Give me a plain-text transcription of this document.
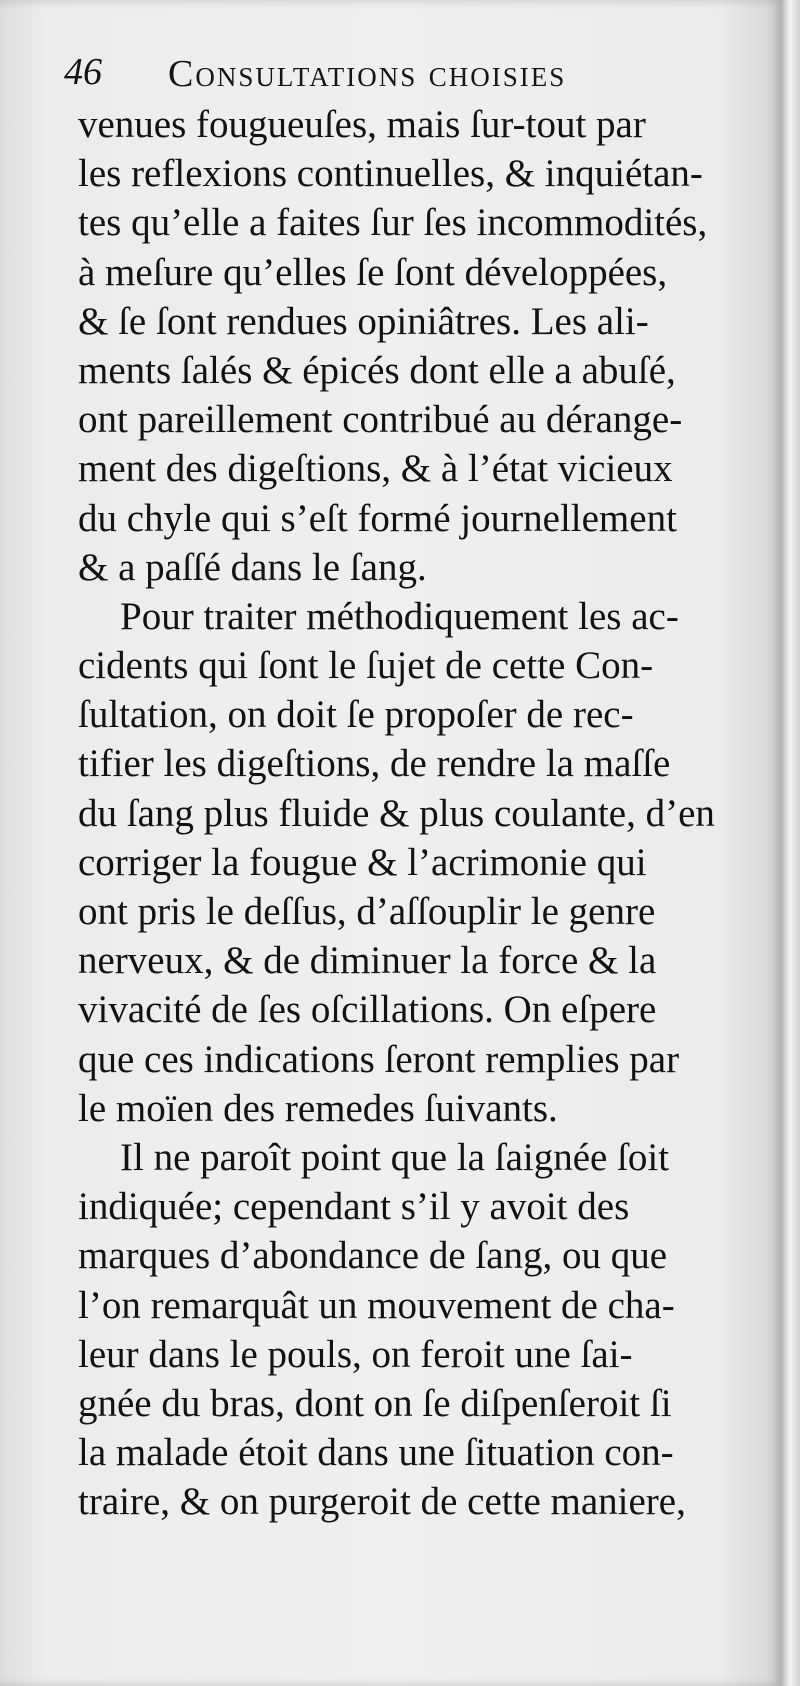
46 Consultations choisies
venues fougueuſes, mais ſur-tout par
les reflexions continuelles, & inquiétan-
tes qu’elle a faites ſur ſes incommodités,
à meſure qu’elles ſe ſont développées,
& ſe ſont rendues opiniâtres. Les ali-
ments ſalés & épicés dont elle a abuſé,
ont pareillement contribué au dérange-
ment des digeſtions, & à l’état vicieux
du chyle qui s’eſt formé journellement
& a paſſé dans le ſang.
Pour traiter méthodiquement les ac-
cidents qui ſont le ſujet de cette Con-
ſultation, on doit ſe propoſer de rec-
tifier les digeſtions, de rendre la maſſe
du ſang plus fluide & plus coulante, d’en
corriger la fougue & l’acrimonie qui
ont pris le deſſus, d’aſſouplir le genre
nerveux, & de diminuer la force & la
vivacité de ſes oſcillations. On eſpere
que ces indications ſeront remplies par
le moïen des remedes ſuivants.
Il ne paroît point que la ſaignée ſoit
indiquée; cependant s’il y avoit des
marques d’abondance de ſang, ou que
l’on remarquât un mouvement de cha-
leur dans le pouls, on feroit une ſai-
gnée du bras, dont on ſe diſpenſeroit ſi
la malade étoit dans une ſituation con-
traire, & on purgeroit de cette maniere,
